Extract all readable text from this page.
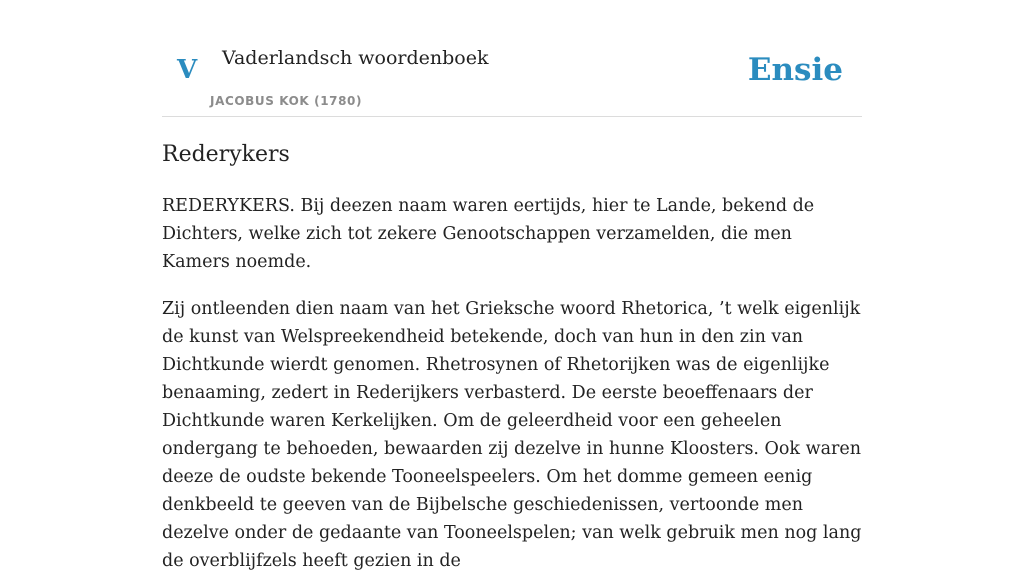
V Vaderlandsch woordenboek
JACOBUS KOK (1780)
Ensie
Rederykers

REDERYKERS. Bij deezen naam waren eertijds, hier te Lande, bekend de Dichters, welke zich tot zekere Genootschappen verzamelden, die men Kamers noemde.

Zij ontleenden dien naam van het Grieksche woord Rhetorica, ’t welk eigenlijk de kunst van Welspreekendheid betekende, doch van hun in den zin van Dichtkunde wierdt genomen. Rhetrosynen of Rhetorijken was de eigenlijke benaaming, zedert in Rederijkers verbasterd. De eerste beoeffenaars der Dichtkunde waren Kerkelijken. Om de geleerdheid voor een geheelen ondergang te behoeden, bewaarden zij dezelve in hunne Kloosters. Ook waren deeze de oudste bekende Tooneelspeelers. Om het domme gemeen eenig denkbeeld te geeven van de Bijbelsche geschiedenissen, vertoonde men dezelve onder de gedaante van Tooneelspelen; van welk gebruik men nog lang de overblijfzels heeft gezien in de
